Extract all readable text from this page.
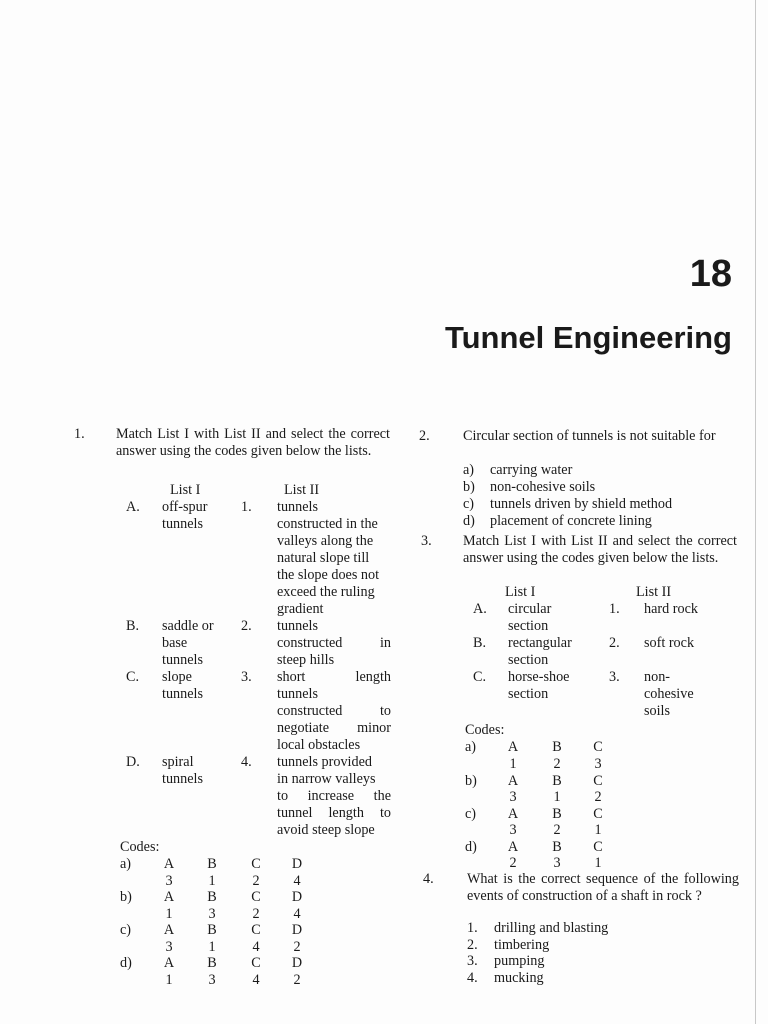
18
Tunnel Engineering
1. Match List I with List II and select the correct answer using the codes given below the lists.
List I	List II
A. off-spur
tunnels
1. tunnels
constructed in the
valleys along the
natural slope till
the slope does not
exceed the ruling
gradient
B. saddle or
base
tunnels
2. tunnels
constructed in
steep hills
C. slope
tunnels
3. short length
tunnels
constructed to
negotiate minor
local obstacles
D. spiral
tunnels
4. tunnels provided
in narrow valleys
to increase the
tunnel length to
avoid steep slope
Codes:
a) A B C D
3	1	2 4
b) A B C D
1	3	2 4
c) A B C D
3	1	4 2
d) A B C D
1	3	4 2
2. Circular section of tunnels is not suitable for
a) carrying water
b) non-cohesive soils
c) tunnels driven by shield method
d) placement of concrete lining
3. Match List I with List II and select the correct answer using the codes given below the lists.
List I	List II
A. circular
section
1. hard rock
B. rectangular
section
2. soft rock
C. horse-shoe
section
3. non-
cohesive
soils
Codes:
a) A B C
1	2 3
b) A B C
3	1 2
c) A B C
3	2 1
d) A B C
2	3 1
4. What is the correct sequence of the following events of construction of a shaft in rock ?
1. drilling and blasting
2. timbering
3. pumping
4. mucking
